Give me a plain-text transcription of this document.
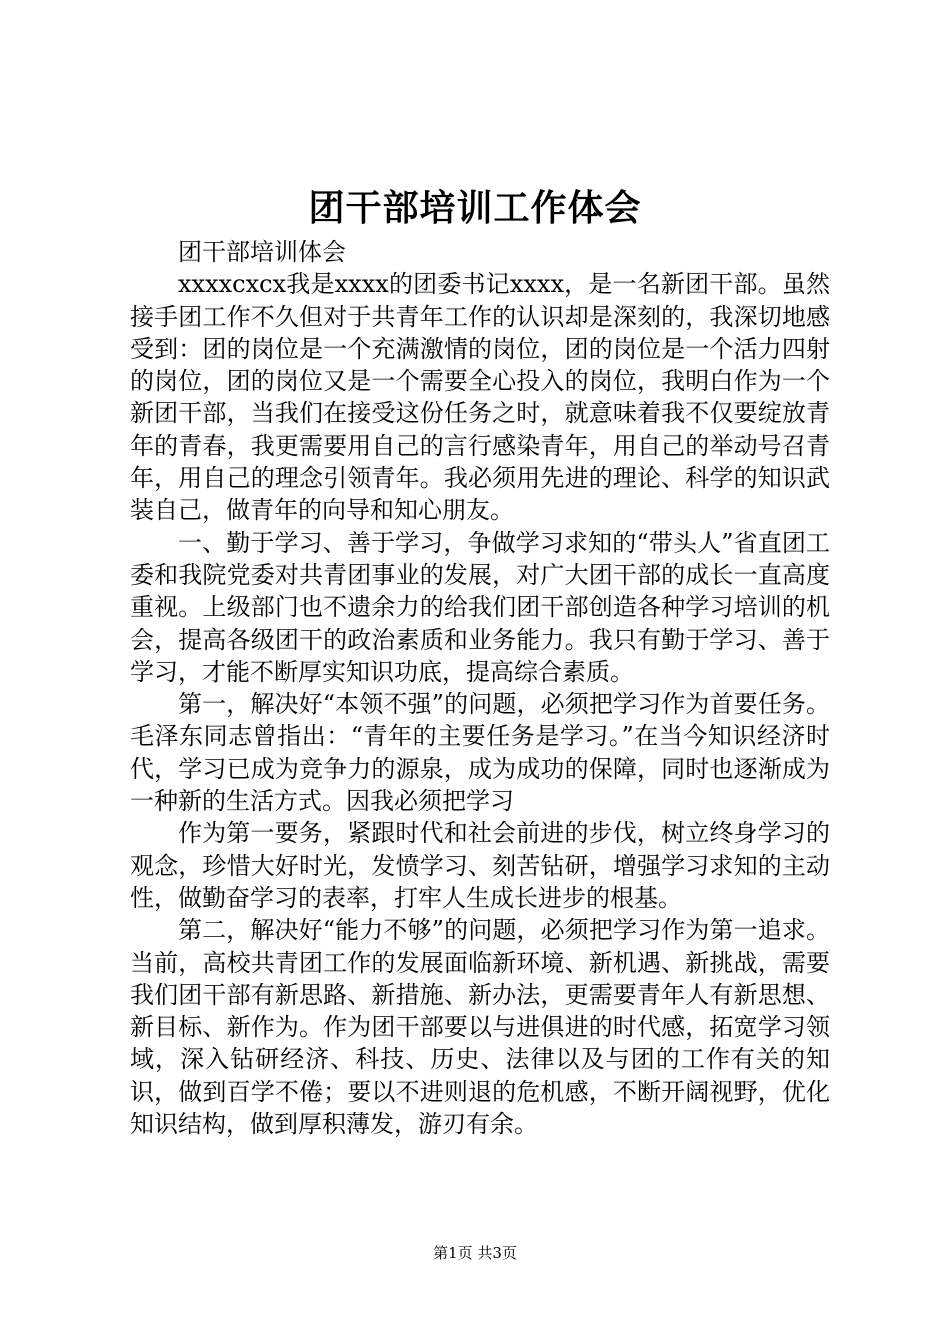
团干部培训工作体会

团干部培训体会

xxxxcxcx我是xxxx的团委书记xxxx，是一名新团干部。虽然接手团工作不久但对于共青年工作的认识却是深刻的，我深切地感受到：团的岗位是一个充满激情的岗位，团的岗位是一个活力四射的岗位，团的岗位又是一个需要全心投入的岗位，我明白作为一个新团干部，当我们在接受这份任务之时，就意味着我不仅要绽放青年的青春，我更需要用自己的言行感染青年，用自己的举动号召青年，用自己的理念引领青年。我必须用先进的理论、科学的知识武装自己，做青年的向导和知心朋友。

一、勤于学习、善于学习，争做学习求知的“带头人”省直团工委和我院党委对共青团事业的发展，对广大团干部的成长一直高度重视。上级部门也不遗余力的给我们团干部创造各种学习培训的机会，提高各级团干的政治素质和业务能力。我只有勤于学习、善于学习，才能不断厚实知识功底，提高综合素质。

第一，解决好“本领不强”的问题，必须把学习作为首要任务。毛泽东同志曾指出：“青年的主要任务是学习。”在当今知识经济时代，学习已成为竞争力的源泉，成为成功的保障，同时也逐渐成为一种新的生活方式。因我必须把学习

作为第一要务，紧跟时代和社会前进的步伐，树立终身学习的观念，珍惜大好时光，发愤学习、刻苦钻研，增强学习求知的主动性，做勤奋学习的表率，打牢人生成长进步的根基。

第二，解决好“能力不够”的问题，必须把学习作为第一追求。当前，高校共青团工作的发展面临新环境、新机遇、新挑战，需要我们团干部有新思路、新措施、新办法，更需要青年人有新思想、新目标、新作为。作为团干部要以与进俱进的时代感，拓宽学习领域，深入钻研经济、科技、历史、法律以及与团的工作有关的知识，做到百学不倦；要以不进则退的危机感，不断开阔视野，优化知识结构，做到厚积薄发，游刃有余。

第1页 共3页
